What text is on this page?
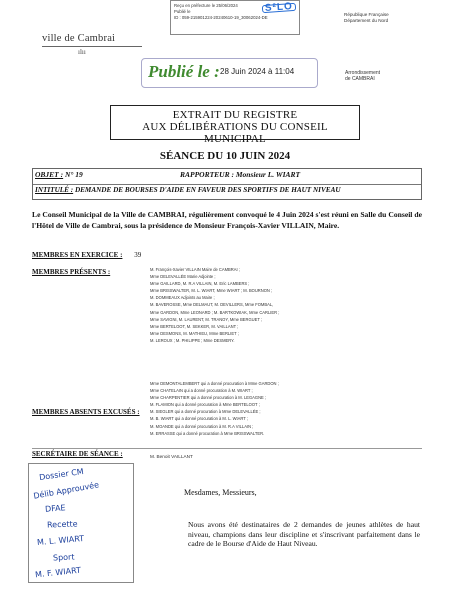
Reçu en préfecture le 25/06/2024
Publié le
ID : 059-215901224-20240610-19_30062024-DE
S²LO
République Française
Département du Nord
ville de Cambrai
ılıı
Publié le : 28 Juin 2024 à 11:04	Arrondissement
de CAMBRAI
EXTRAIT DU REGISTRE
AUX DÉLIBÉRATIONS DU CONSEIL MUNICIPAL
SÉANCE DU 10 JUIN 2024
OBJET : N° 19	RAPPORTEUR : Monsieur L. WIART
INTITULÉ : DEMANDE DE BOURSES D'AIDE EN FAVEUR DES SPORTIFS DE HAUT NIVEAU
Le Conseil Municipal de la Ville de CAMBRAI, régulièrement convoqué le 4 Juin 2024 s'est réuni en Salle du Conseil de l'Hôtel de Ville de Cambrai, sous la présidence de Monsieur François-Xavier VILLAIN, Maire.
MEMBRES EN EXERCICE : 39
MEMBRES PRÉSENTS :	M. François-Xavier VILLAIN Maire de CAMBRAI ;
Mme DELEVALLÉE Marie Adjointe ;
Mme GAILLARD, M. R.A VILLAIN, M. Eric LAMBERS ;
Mme BRISSWALTER, M. L. WIART, Mme WIART ; M. BOURNON ;
M. DOMMEAUX Adjoints au Maire ;
M. BAVEROSSE, Mme DELMAUT, M. DEVILLERS, Mme FOMBAL,
Mme GARDON, Mme LEONARD ; M. BARTKOWIAK, Mme CARLIER ;
Mme SAVIGNI, M. LAURENT, M. TRANOY, Mme BERGUET ;
Mme BERTELOOT, M. SEKKER, M. VAILLANT ;
Mme DESMONS, M. MATHIEU, Mme BERLIET ;
M. LEROUX ; M. PHILIPPE ; Mme DESMERY.
MEMBRES ABSENTS EXCUSÉS :
Mme DEMONTALEMBERT qui a donné procuration à Mme GARDON ;
Mme CHATELAIN qui a donné procuration à M. WIART ;
Mme CHARPENTIER qui a donné procuration à M. LEGAGNE ;
M. FLAMION qui a donné procuration à Mme BERTELOOT ;
M. SIEGLER qui a donné procuration à Mme DELEVALLÉE ;
M. B. WIART qui a donné procuration à M. L. WIART ;
M. MOANDE qui a donné procuration à M. R.A VILLAIN ;
M. ERRASSE qui a donné procuration à Mme BRISSWALTER.
SECRÉTAIRE DE SÉANCE :	M. Benoit VAILLANT
Dossier CM
Délib Approuvée
DFAE
Recette
M. L. WIART
Sport
M. F. WIART
Mesdames, Messieurs,
Nous avons été destinataires de 2 demandes de jeunes athlètes de haut niveau, champions dans leur discipline et s'inscrivant parfaitement dans le cadre de le Bourse d'Aide de Haut Niveau.
